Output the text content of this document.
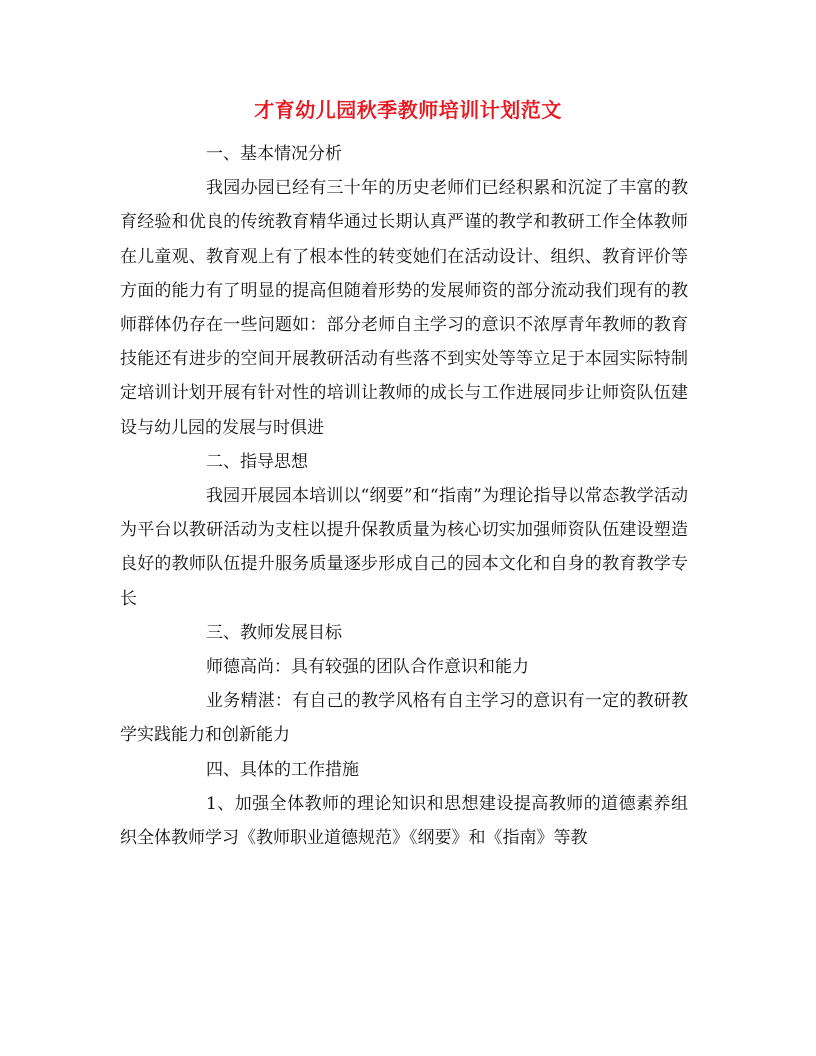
才育幼儿园秋季教师培训计划范文

一、基本情况分析

我园办园已经有三十年的历史老师们已经积累和沉淀了丰富的教育经验和优良的传统教育精华通过长期认真严谨的教学和教研工作全体教师在儿童观、教育观上有了根本性的转变她们在活动设计、组织、教育评价等方面的能力有了明显的提高但随着形势的发展师资的部分流动我们现有的教师群体仍存在一些问题如：部分老师自主学习的意识不浓厚青年教师的教育技能还有进步的空间开展教研活动有些落不到实处等等立足于本园实际特制定培训计划开展有针对性的培训让教师的成长与工作进展同步让师资队伍建设与幼儿园的发展与时俱进

二、指导思想

我园开展园本培训以“纲要”和“指南”为理论指导以常态教学活动为平台以教研活动为支柱以提升保教质量为核心切实加强师资队伍建设塑造良好的教师队伍提升服务质量逐步形成自己的园本文化和自身的教育教学专长

三、教师发展目标

师德高尚：具有较强的团队合作意识和能力

业务精湛：有自己的教学风格有自主学习的意识有一定的教研教学实践能力和创新能力

四、具体的工作措施

1、加强全体教师的理论知识和思想建设提高教师的道德素养组织全体教师学习《教师职业道德规范》《纲要》和《指南》等教
